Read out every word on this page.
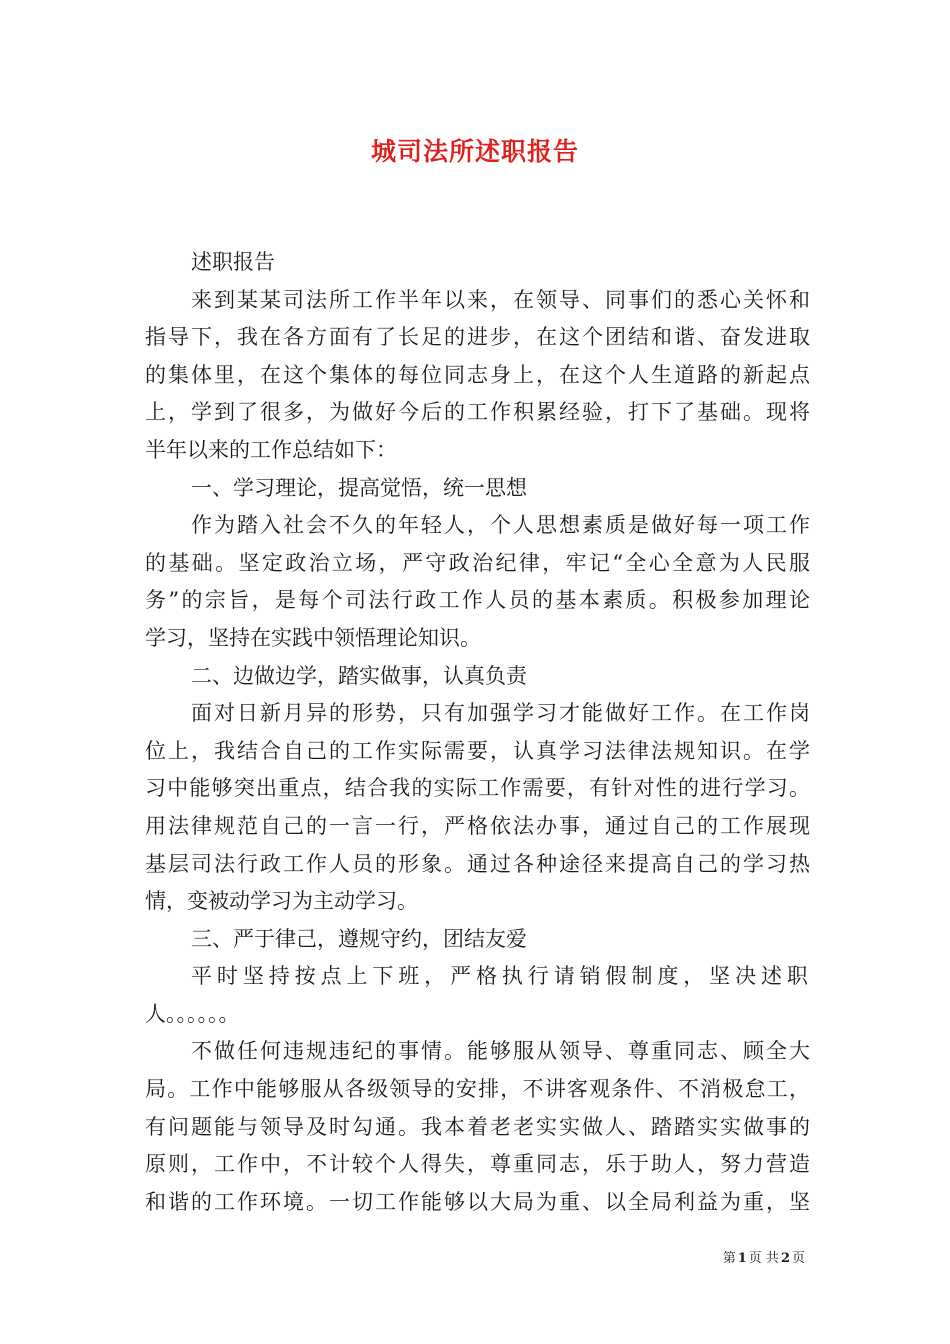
城司法所述职报告
述职报告
来到某某司法所工作半年以来，在领导、同事们的悉心关怀和
指导下，我在各方面有了长足的进步，在这个团结和谐、奋发进取
的集体里，在这个集体的每位同志身上，在这个人生道路的新起点
上，学到了很多，为做好今后的工作积累经验，打下了基础。现将
半年以来的工作总结如下：
一、学习理论，提高觉悟，统一思想
作为踏入社会不久的年轻人，个人思想素质是做好每一项工作
的基础。坚定政治立场，严守政治纪律，牢记“全心全意为人民服
务”的宗旨，是每个司法行政工作人员的基本素质。积极参加理论
学习，坚持在实践中领悟理论知识。
二、边做边学，踏实做事，认真负责
面对日新月异的形势，只有加强学习才能做好工作。在工作岗
位上，我结合自己的工作实际需要，认真学习法律法规知识。在学
习中能够突出重点，结合我的实际工作需要，有针对性的进行学习。
用法律规范自己的一言一行，严格依法办事，通过自己的工作展现
基层司法行政工作人员的形象。通过各种途径来提高自己的学习热
情，变被动学习为主动学习。
三、严于律己，遵规守约，团结友爱
平时坚持按点上下班，严格执行请销假制度，坚决述职
人。。。。。。
不做任何违规违纪的事情。能够服从领导、尊重同志、顾全大
局。工作中能够服从各级领导的安排，不讲客观条件、不消极怠工，
有问题能与领导及时勾通。我本着老老实实做人、踏踏实实做事的
原则，工作中，不计较个人得失，尊重同志，乐于助人，努力营造
和谐的工作环境。一切工作能够以大局为重、以全局利益为重，坚
第 1 页 共 2 页
